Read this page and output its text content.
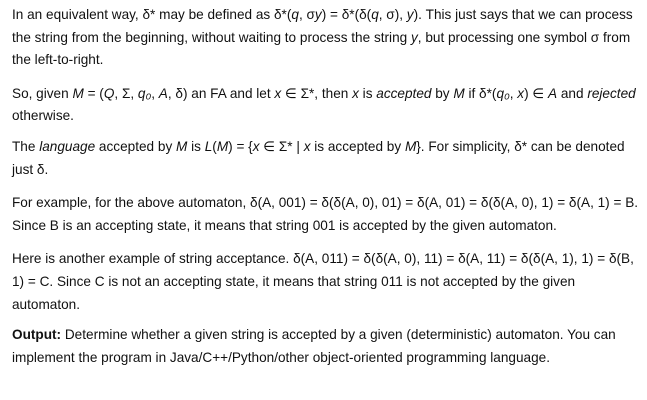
In an equivalent way, δ* may be defined as δ*(q, σy) = δ*(δ(q, σ), y). This just says that we can process the string from the beginning, without waiting to process the string y, but processing one symbol σ from the left-to-right.

So, given M = (Q, Σ, q₀, A, δ) an FA and let x ∈ Σ*, then x is accepted by M if δ*(q₀, x) ∈ A and rejected otherwise.

The language accepted by M is L(M) = {x ∈ Σ* | x is accepted by M}. For simplicity, δ* can be denoted just δ.

For example, for the above automaton, δ(A, 001) = δ(δ(A, 0), 01) = δ(A, 01) = δ(δ(A, 0), 1) = δ(A, 1) = B. Since B is an accepting state, it means that string 001 is accepted by the given automaton.

Here is another example of string acceptance. δ(A, 011) = δ(δ(A, 0), 11) = δ(A, 11) = δ(δ(A, 1), 1) = δ(B, 1) = C. Since C is not an accepting state, it means that string 011 is not accepted by the given automaton.

Output: Determine whether a given string is accepted by a given (deterministic) automaton. You can implement the program in Java/C++/Python/other object-oriented programming language.
